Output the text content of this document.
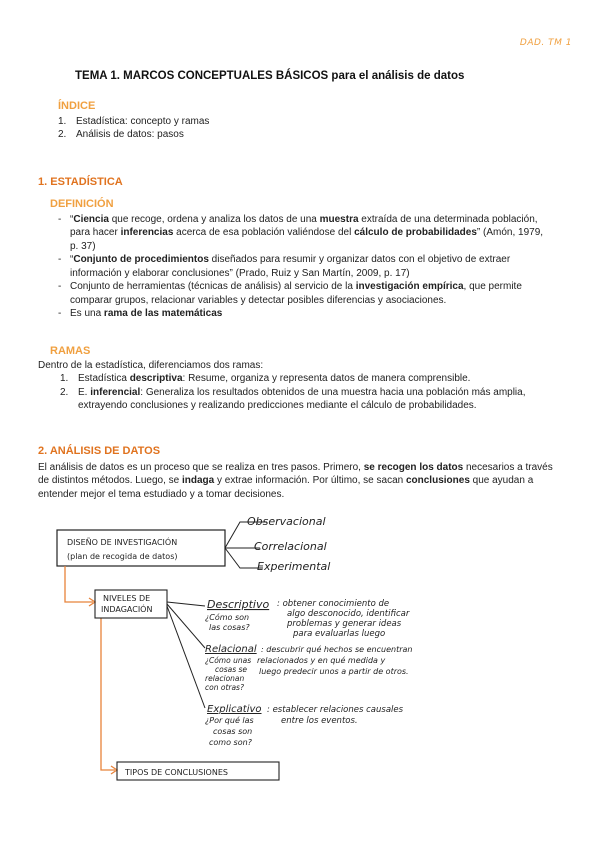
DAD. TM 1
TEMA 1. MARCOS CONCEPTUALES BÁSICOS para el análisis de datos
ÍNDICE
1. Estadística: concepto y ramas
2. Análisis de datos: pasos
1. ESTADÍSTICA
DEFINICIÓN
- “Ciencia que recoge, ordena y analiza los datos de una muestra extraída de una determinada población, para hacer inferencias acerca de esa población valiéndose del cálculo de probabilidades” (Amón, 1979, p. 37)
- “Conjunto de procedimientos diseñados para resumir y organizar datos con el objetivo de extraer información y elaborar conclusiones” (Prado, Ruiz y San Martín, 2009, p. 17)
- Conjunto de herramientas (técnicas de análisis) al servicio de la investigación empírica, que permite comparar grupos, relacionar variables y detectar posibles diferencias y asociaciones.
- Es una rama de las matemáticas
RAMAS
Dentro de la estadística, diferenciamos dos ramas:
1. Estadística descriptiva: Resume, organiza y representa datos de manera comprensible.
2. E. inferencial: Generaliza los resultados obtenidos de una muestra hacia una población más amplia, extrayendo conclusiones y realizando predicciones mediante el cálculo de probabilidades.
2. ANÁLISIS DE DATOS
El análisis de datos es un proceso que se realiza en tres pasos. Primero, se recogen los datos necesarios a través de distintos métodos. Luego, se indaga y extrae información. Por último, se sacan conclusiones que ayudan a entender mejor el tema estudiado y a tomar decisiones.
DISEÑO DE INVESTIGACIÓN
(plan de recogida de datos)
Observacional
Correlacional
Experimental
NIVELES DE
INDAGACIÓN	Descriptivo
¿Cómo son
las cosas?
: obtener conocimiento de
algo desconocido, identificar
problemas y generar ideas
para evaluarlas luego
Relacional
¿Cómo unas
cosas se
relacionan
con otras?
: descubrir qué hechos se encuentran
relacionados y en qué medida y
luego predecir unos a partir de otros.
Explicativo
¿Por qué las
cosas son
como son?
: establecer relaciones causales
entre los eventos.
TIPOS DE CONCLUSIONES
